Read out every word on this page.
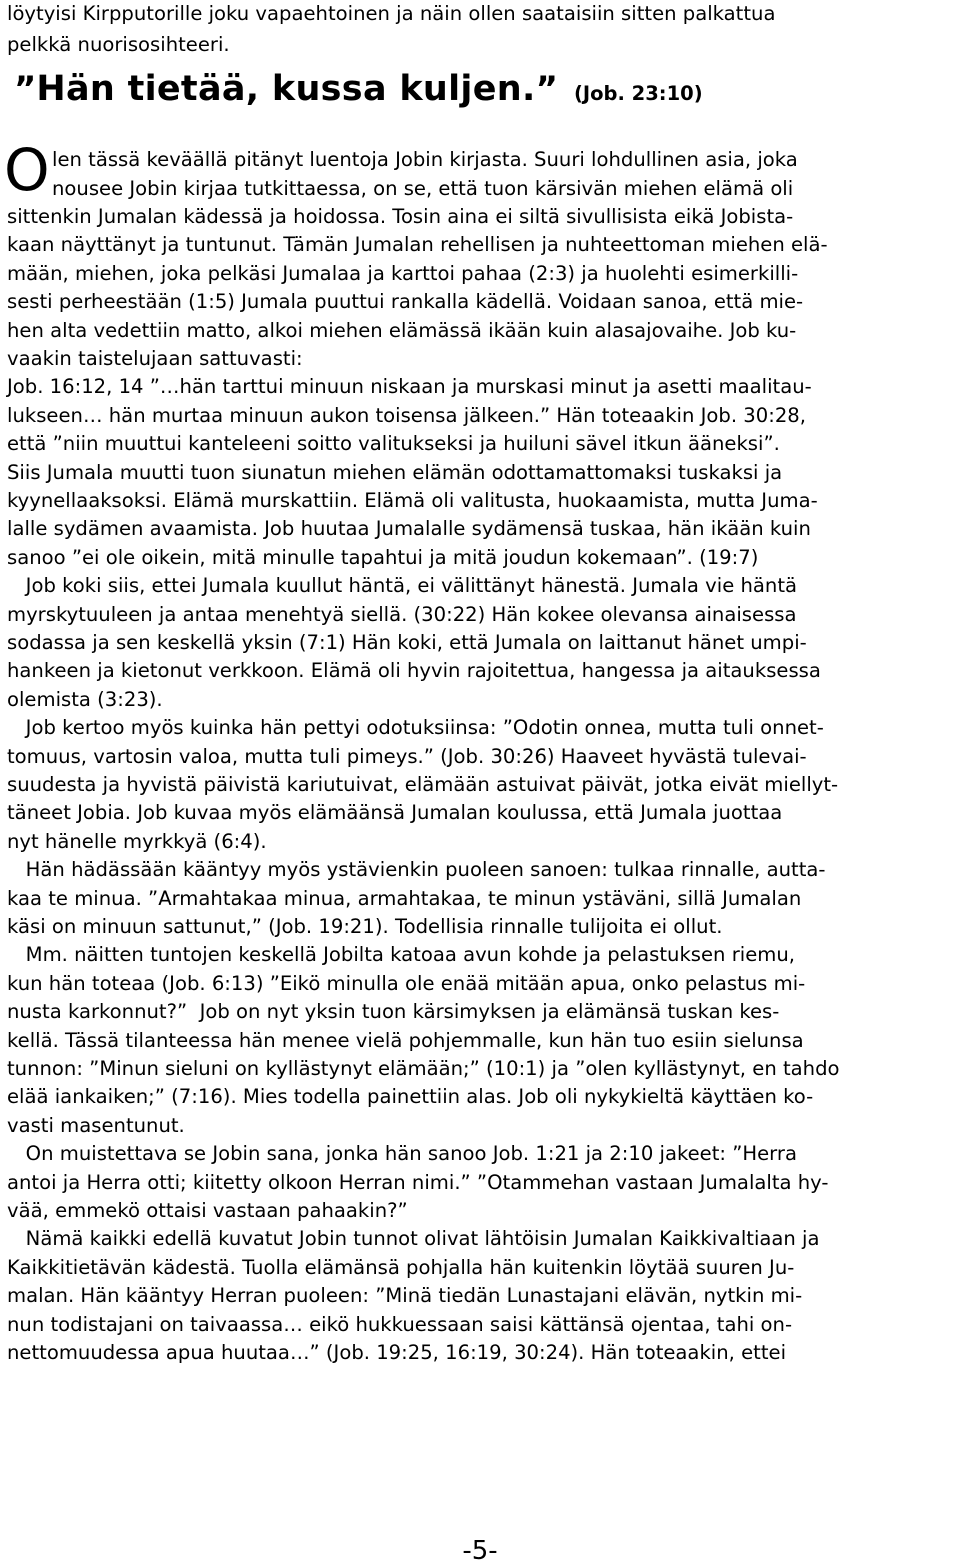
löytyisi Kirpputorille joku vapaehtoinen ja näin ollen saataisiin sitten palkattua
pelkkä nuorisosihteeri.
”Hän tietää, kussa kuljen.” (Job. 23:10)
O len tässä keväällä pitänyt luentoja Jobin kirjasta. Suuri lohdullinen asia, joka
nousee Jobin kirjaa tutkittaessa, on se, että tuon kärsivän miehen elämä oli
sittenkin Jumalan kädessä ja hoidossa. Tosin aina ei siltä sivullisista eikä Jobista-
kaan näyttänyt ja tuntunut. Tämän Jumalan rehellisen ja nuhteettoman miehen elä-
mään, miehen, joka pelkäsi Jumalaa ja karttoi pahaa (2:3) ja huolehti esimerkilli-
sesti perheestään (1:5) Jumala puuttui rankalla kädellä. Voidaan sanoa, että mie-
hen alta vedettiin matto, alkoi miehen elämässä ikään kuin alasajovaihe. Job ku-
vaakin taistelujaan sattuvasti:
Job. 16:12, 14 ”…hän tarttui minuun niskaan ja murskasi minut ja asetti maalitau-
lukseen… hän murtaa minuun aukon toisensa jälkeen.” Hän toteaakin Job. 30:28,
että ”niin muuttui kanteleeni soitto valitukseksi ja huiluni sävel itkun ääneksi”.
Siis Jumala muutti tuon siunatun miehen elämän odottamattomaksi tuskaksi ja
kyynellaaksoksi. Elämä murskattiin. Elämä oli valitusta, huokaamista, mutta Juma-
lalle sydämen avaamista. Job huutaa Jumalalle sydämensä tuskaa, hän ikään kuin
sanoo ”ei ole oikein, mitä minulle tapahtui ja mitä joudun kokemaan”. (19:7)
Job koki siis, ettei Jumala kuullut häntä, ei välittänyt hänestä. Jumala vie häntä
myrskytuuleen ja antaa menehtyä siellä. (30:22) Hän kokee olevansa ainaisessa
sodassa ja sen keskellä yksin (7:1) Hän koki, että Jumala on laittanut hänet umpi-
hankeen ja kietonut verkkoon. Elämä oli hyvin rajoitettua, hangessa ja aitauksessa
olemista (3:23).
Job kertoo myös kuinka hän pettyi odotuksiinsa: ”Odotin onnea, mutta tuli onnet-
tomuus, vartosin valoa, mutta tuli pimeys.” (Job. 30:26) Haaveet hyvästä tulevai-
suudesta ja hyvistä päivistä kariutuivat, elämään astuivat päivät, jotka eivät miellyt-
täneet Jobia. Job kuvaa myös elämäänsä Jumalan koulussa, että Jumala juottaa
nyt hänelle myrkkyä (6:4).
Hän hädässään kääntyy myös ystävienkin puoleen sanoen: tulkaa rinnalle, autta-
kaa te minua. ”Armahtakaa minua, armahtakaa, te minun ystäväni, sillä Jumalan
käsi on minuun sattunut,” (Job. 19:21). Todellisia rinnalle tulijoita ei ollut.
Mm. näitten tuntojen keskellä Jobilta katoaa avun kohde ja pelastuksen riemu,
kun hän toteaa (Job. 6:13) ”Eikö minulla ole enää mitään apua, onko pelastus mi-
nusta karkonnut?”  Job on nyt yksin tuon kärsimyksen ja elämänsä tuskan kes-
kellä. Tässä tilanteessa hän menee vielä pohjemmalle, kun hän tuo esiin sielunsa
tunnon: ”Minun sieluni on kyllästynyt elämään;” (10:1) ja ”olen kyllästynyt, en tahdo
elää iankaiken;” (7:16). Mies todella painettiin alas. Job oli nykykieltä käyttäen ko-
vasti masentunut.
On muistettava se Jobin sana, jonka hän sanoo Job. 1:21 ja 2:10 jakeet: ”Herra
antoi ja Herra otti; kiitetty olkoon Herran nimi.” ”Otammehan vastaan Jumalalta hy-
vää, emmekö ottaisi vastaan pahaakin?”
Nämä kaikki edellä kuvatut Jobin tunnot olivat lähtöisin Jumalan Kaikkivaltiaan ja
Kaikkitietävän kädestä. Tuolla elämänsä pohjalla hän kuitenkin löytää suuren Ju-
malan. Hän kääntyy Herran puoleen: ”Minä tiedän Lunastajani elävän, nytkin mi-
nun todistajani on taivaassa… eikö hukkuessaan saisi kättänsä ojentaa, tahi on-
nettomuudessa apua huutaa…” (Job. 19:25, 16:19, 30:24). Hän toteaakin, ettei
-5-
